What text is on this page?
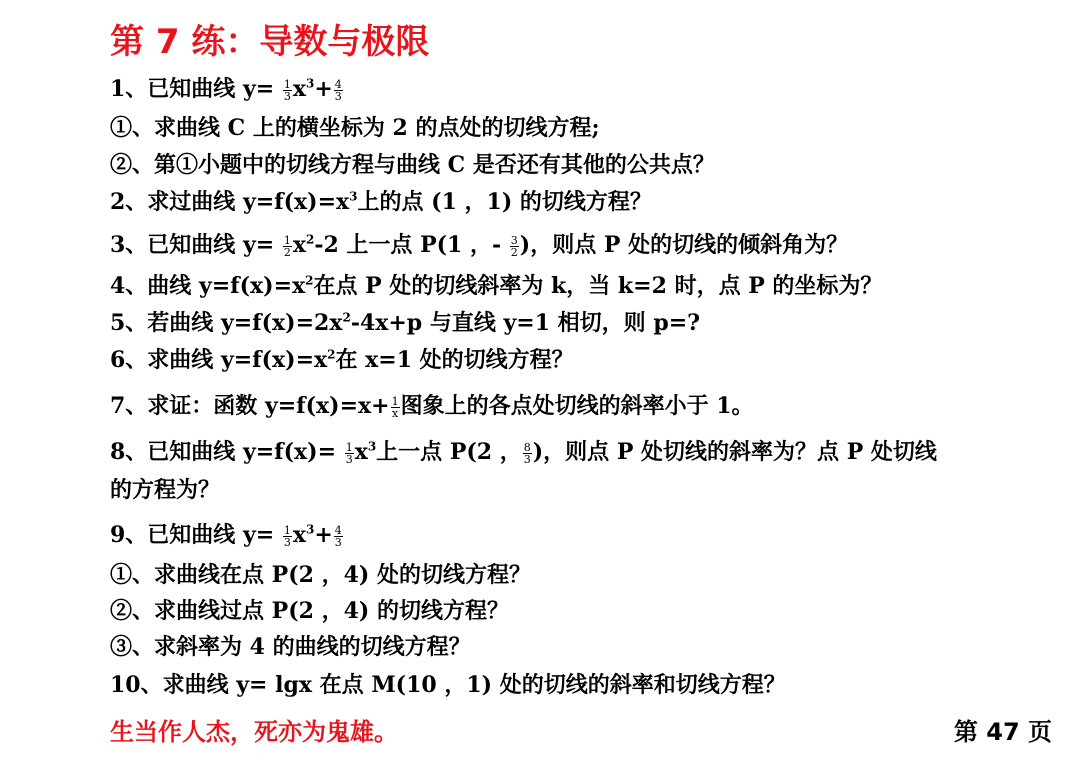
第 7 练：导数与极限
1、已知曲线 $y= \frac{1}{3} x^3+ \frac{4}{3}$
①、求曲线 C 上的横坐标为 2 的点处的切线方程;
②、第①小题中的切线方程与曲线 C 是否还有其他的公共点？
2、求过曲线 $y=f(x)=x^3$上的点 (1 ，1) 的切线方程？
3、已知曲线 $y= \frac{1}{2} x^2-2$ 上一点 P(1 ，- $\frac{3}{2}$ )，则点 P 处的切线的倾斜角为？
4、曲线 $y=f(x)=x^2$在点 P 处的切线斜率为 k，当 k=2 时，点 P 的坐标为？
5、若曲线 $y=f(x)=2x^2-4x+p$ 与直线 y=1 相切，则 p=?
6、求曲线 $y=f(x)=x^2$在 x=1 处的切线方程？
7、求证：函数 $y=f(x)=x+ \frac{1}{x}$ 图象上的各点处切线的斜率小于 1。
8、已知曲线 $y=f(x)= \frac{1}{3} x^3$上一点 P(2 ， $\frac{8}{3}$ )，则点 P 处切线的斜率为？点 P 处切线
的方程为？
9、已知曲线 $y= \frac{1}{3} x^3+ \frac{4}{3}$
①、求曲线在点 P(2 ，4) 处的切线方程？
②、求曲线过点 P(2 ，4) 的切线方程？
③、求斜率为 4 的曲线的切线方程？
10、求曲线 y= lgx 在点 M(10 ，1) 处的切线的斜率和切线方程？
生当作人杰，死亦为鬼雄。	第 47 页
